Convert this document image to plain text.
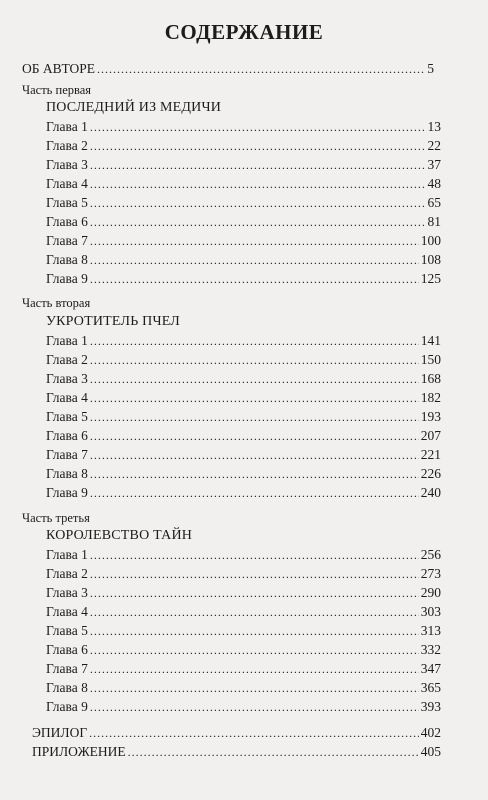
СОДЕРЖАНИЕ
ОБ АВТОРЕ .....	5
Часть первая
ПОСЛЕДНИЙ ИЗ МЕДИЧИ
Глава 1 .....	13
Глава 2 .....	22
Глава 3 .....	37
Глава 4 .....	48
Глава 5 .....	65
Глава 6 .....	81
Глава 7 .....	100
Глава 8 .....	108
Глава 9 .....	125
Часть вторая
УКРОТИТЕЛЬ ПЧЕЛ
Глава 1 .....	141
Глава 2 .....	150
Глава 3 .....	168
Глава 4 .....	182
Глава 5 .....	193
Глава 6 .....	207
Глава 7 .....	221
Глава 8 .....	226
Глава 9 .....	240
Часть третья
КОРОЛЕВСТВО ТАЙН
Глава 1 .....	256
Глава 2 .....	273
Глава 3 .....	290
Глава 4 .....	303
Глава 5 .....	313
Глава 6 .....	332
Глава 7 .....	347
Глава 8 .....	365
Глава 9 .....	393
ЭПИЛОГ .....	402
ПРИЛОЖЕНИЕ .....	405
